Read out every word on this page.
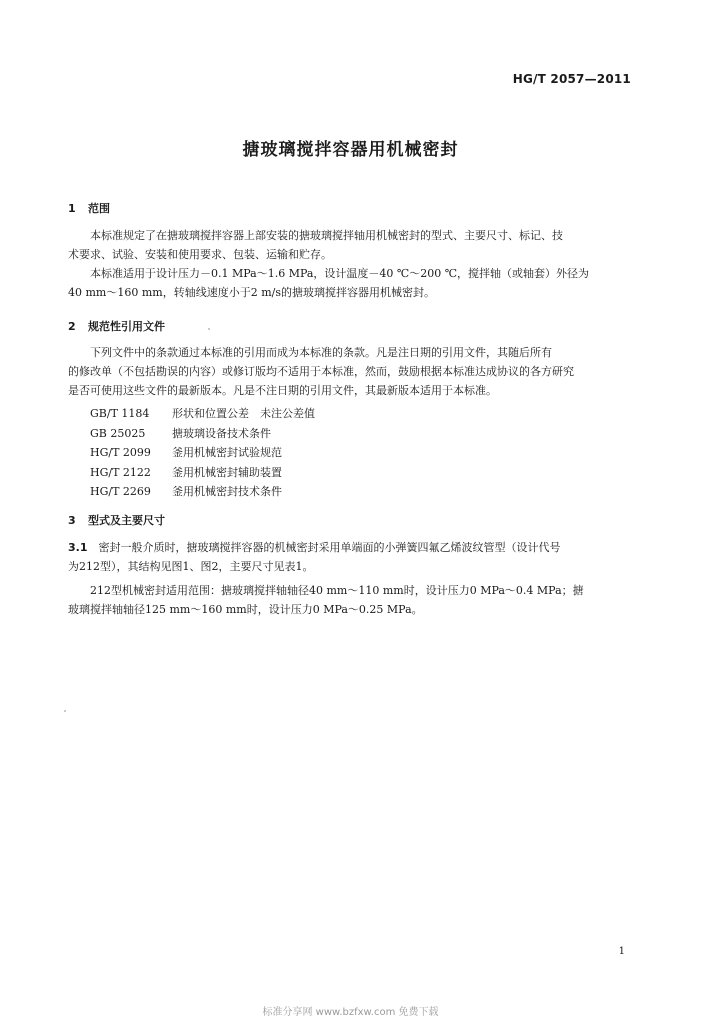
HG/T 2057—2011
搪玻璃搅拌容器用机械密封
1 范围
本标准规定了在搪玻璃搅拌容器上部安装的搪玻璃搅拌轴用机械密封的型式、主要尺寸、标记、技
术要求、试验、安装和使用要求、包装、运输和贮存。
本标准适用于设计压力－0.1 MPa～1.6 MPa，设计温度－40 ℃～200 ℃，搅拌轴（或轴套）外径为
40 mm～160 mm，转轴线速度小于2 m/s的搪玻璃搅拌容器用机械密封。
2 规范性引用文件
下列文件中的条款通过本标准的引用而成为本标准的条款。凡是注日期的引用文件，其随后所有
的修改单（不包括勘误的内容）或修订版均不适用于本标准，然而，鼓励根据本标准达成协议的各方研究
是否可使用这些文件的最新版本。凡是不注日期的引用文件，其最新版本适用于本标准。
GB/T 1184 形状和位置公差　未注公差值
GB 25025 搪玻璃设备技术条件
HG/T 2099 釜用机械密封试验规范
HG/T 2122 釜用机械密封辅助装置
HG/T 2269 釜用机械密封技术条件
3 型式及主要尺寸
3.1　 密封一般介质时，搪玻璃搅拌容器的机械密封采用单端面的小弹簧四氟乙烯波纹管型（设计代号
为212型），其结构见图1、图2，主要尺寸见表1。
212型机械密封适用范围：搪玻璃搅拌轴轴径40 mm～110 mm时，设计压力0 MPa～0.4 MPa；搪
玻璃搅拌轴轴径125 mm～160 mm时，设计压力0 MPa～0.25 MPa。
1
标准分享网 www.bzfxw.com 免费下载
